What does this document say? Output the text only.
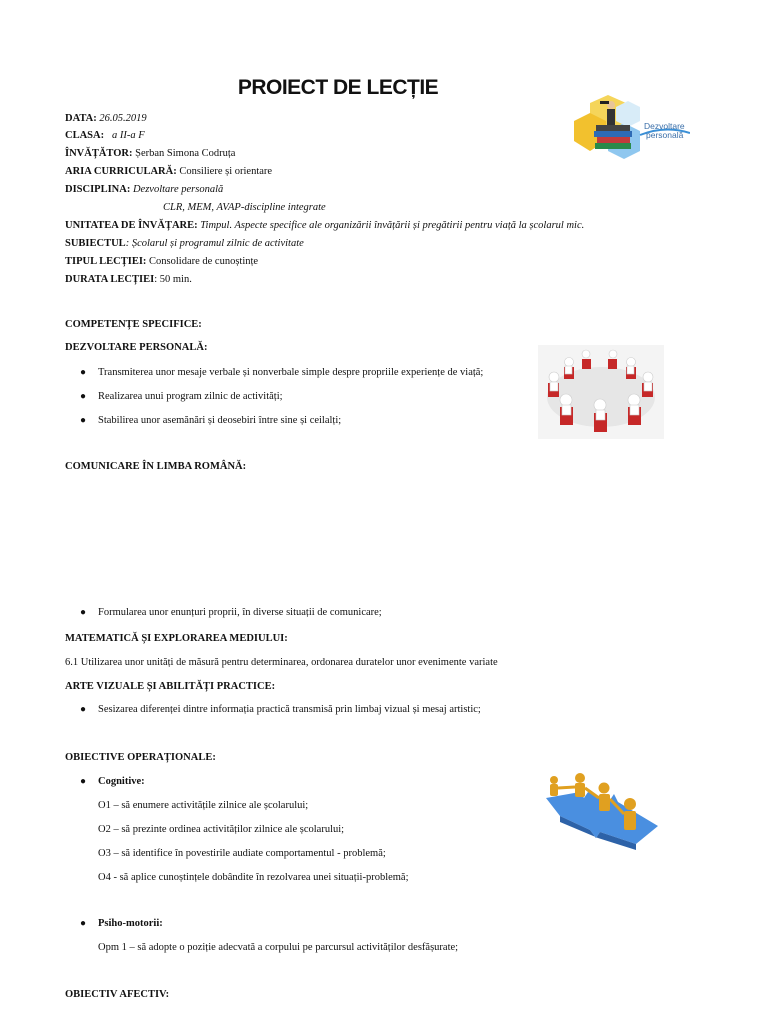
PROIECT DE LECȚIE
DATA: 26.05.2019
CLASA:   a II-a F
ÎNVĂȚĂTOR: Șerban Simona Codruța
ARIA CURRICULARĂ: Consiliere și orientare
DISCIPLINA: Dezvoltare personală
CLR, MEM, AVAP-discipline integrate
UNITATEA DE ÎNVĂȚARE: Timpul. Aspecte specifice ale organizării învățării și pregătirii pentru viață la școlarul mic.
SUBIECTUL: Școlarul și programul zilnic de activitate
TIPUL LECȚIEI: Consolidare de cunoștințe
DURATA LECȚIEI: 50 min.
Dezvoltare
personală
COMPETENȚE SPECIFICE:
DEZVOLTARE PERSONALĂ:
● Transmiterea unor mesaje verbale și nonverbale simple despre propriile experiențe de viață;
● Realizarea unui program zilnic de activități;
● Stabilirea unor asemănări și deosebiri între sine și ceilalți;
COMUNICARE ÎN LIMBA ROMÂNĂ:
● Formularea unor enunțuri proprii, în diverse situații de comunicare;
MATEMATICĂ ȘI EXPLORAREA MEDIULUI:
6.1 Utilizarea unor unități de măsură pentru determinarea, ordonarea duratelor unor evenimente variate
ARTE VIZUALE ȘI ABILITĂȚI PRACTICE:
● Sesizarea diferenței dintre informația practică transmisă prin limbaj vizual și mesaj artistic;
OBIECTIVE OPERAȚIONALE:
● Cognitive:
O1 – să enumere activitățile zilnice ale școlarului;
O2 – să prezinte ordinea activităților zilnice ale școlarului;
O3 – să identifice în povestirile audiate comportamentul - problemă;
O4 - să aplice cunoștințele dobândite în rezolvarea unei situații-problemă;
● Psiho-motorii:
Opm 1 – să adopte o poziție adecvată a corpului pe parcursul activităților desfășurate;
OBIECTIV AFECTIV:
